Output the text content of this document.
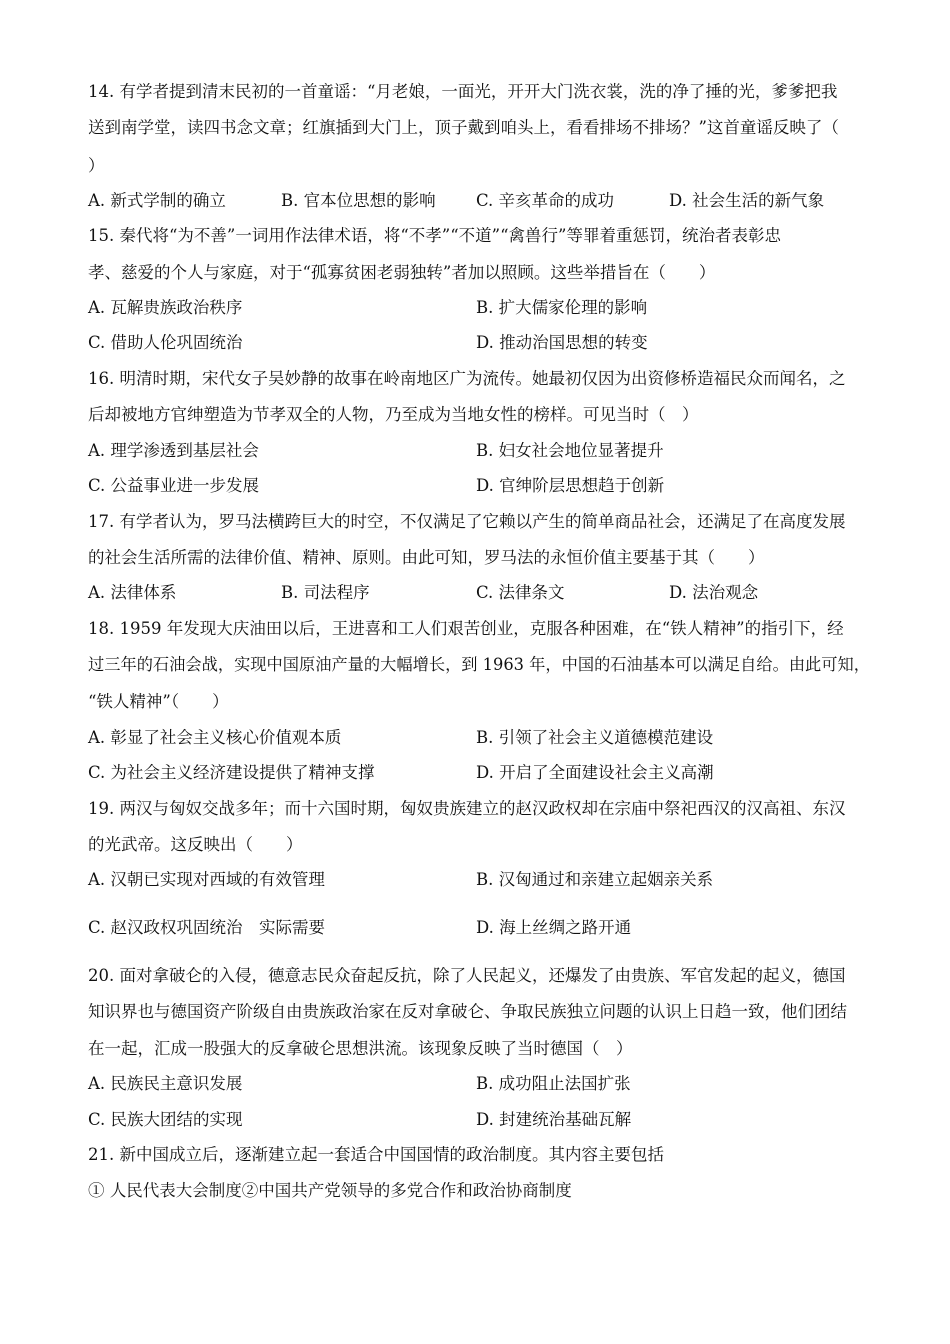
14. 有学者提到清末民初的一首童谣：“月老娘，一面光，开开大门洗衣裳，洗的净了捶的光，爹爹把我
送到南学堂，读四书念文章；红旗插到大门上，顶子戴到咱头上，看看排场不排场？”这首童谣反映了（
）
A. 新式学制的确立	B. 官本位思想的影响 C. 辛亥革命的成功	D. 社会生活的新气象
15. 秦代将“为不善”一词用作法律术语，将“不孝”“不道”“禽兽行”等罪着重惩罚，统治者表彰忠
孝、慈爱的个人与家庭，对于“孤寡贫困老弱独转”者加以照顾。这些举措旨在（　　）
A. 瓦解贵族政治秩序	B. 扩大儒家伦理的影响
C. 借助人伦巩固统治	D. 推动治国思想的转变
16. 明清时期，宋代女子吴妙静的故事在岭南地区广为流传。她最初仅因为出资修桥造福民众而闻名，之
后却被地方官绅塑造为节孝双全的人物，乃至成为当地女性的榜样。可见当时（　）
A. 理学渗透到基层社会	B. 妇女社会地位显著提升
C. 公益事业进一步发展	D. 官绅阶层思想趋于创新
17. 有学者认为，罗马法横跨巨大的时空，不仅满足了它赖以产生的简单商品社会，还满足了在高度发展
的社会生活所需的法律价值、精神、原则。由此可知，罗马法的永恒价值主要基于其（　　）
A. 法律体系	B. 司法程序	C. 法律条文	D. 法治观念
18. 1959 年发现大庆油田以后，王进喜和工人们艰苦创业，克服各种困难，在“铁人精神”的指引下，经
过三年的石油会战，实现中国原油产量的大幅增长，到 1963 年，中国的石油基本可以满足自给。由此可知，
“铁人精神”（　　）
A. 彰显了社会主义核心价值观本质	B. 引领了社会主义道德模范建设
C. 为社会主义经济建设提供了精神支撑	D. 开启了全面建设社会主义高潮
19. 两汉与匈奴交战多年；而十六国时期，匈奴贵族建立的赵汉政权却在宗庙中祭祀西汉的汉高祖、东汉
的光武帝。这反映出（　　）
A. 汉朝已实现对西域的有效管理	B. 汉匈通过和亲建立起姻亲关系
C. 赵汉政权巩固统治　实际需要	D. 海上丝绸之路开通
20. 面对拿破仑的入侵，德意志民众奋起反抗，除了人民起义，还爆发了由贵族、军官发起的起义，德国
知识界也与德国资产阶级自由贵族政治家在反对拿破仑、争取民族独立问题的认识上日趋一致，他们团结
在一起，汇成一股强大的反拿破仑思想洪流。该现象反映了当时德国（　）
A. 民族民主意识发展	B. 成功阻止法国扩张
C. 民族大团结的实现	D. 封建统治基础瓦解
21. 新中国成立后，逐渐建立起一套适合中国国情的政治制度。其内容主要包括
① 人民代表大会制度②中国共产党领导的多党合作和政治协商制度
